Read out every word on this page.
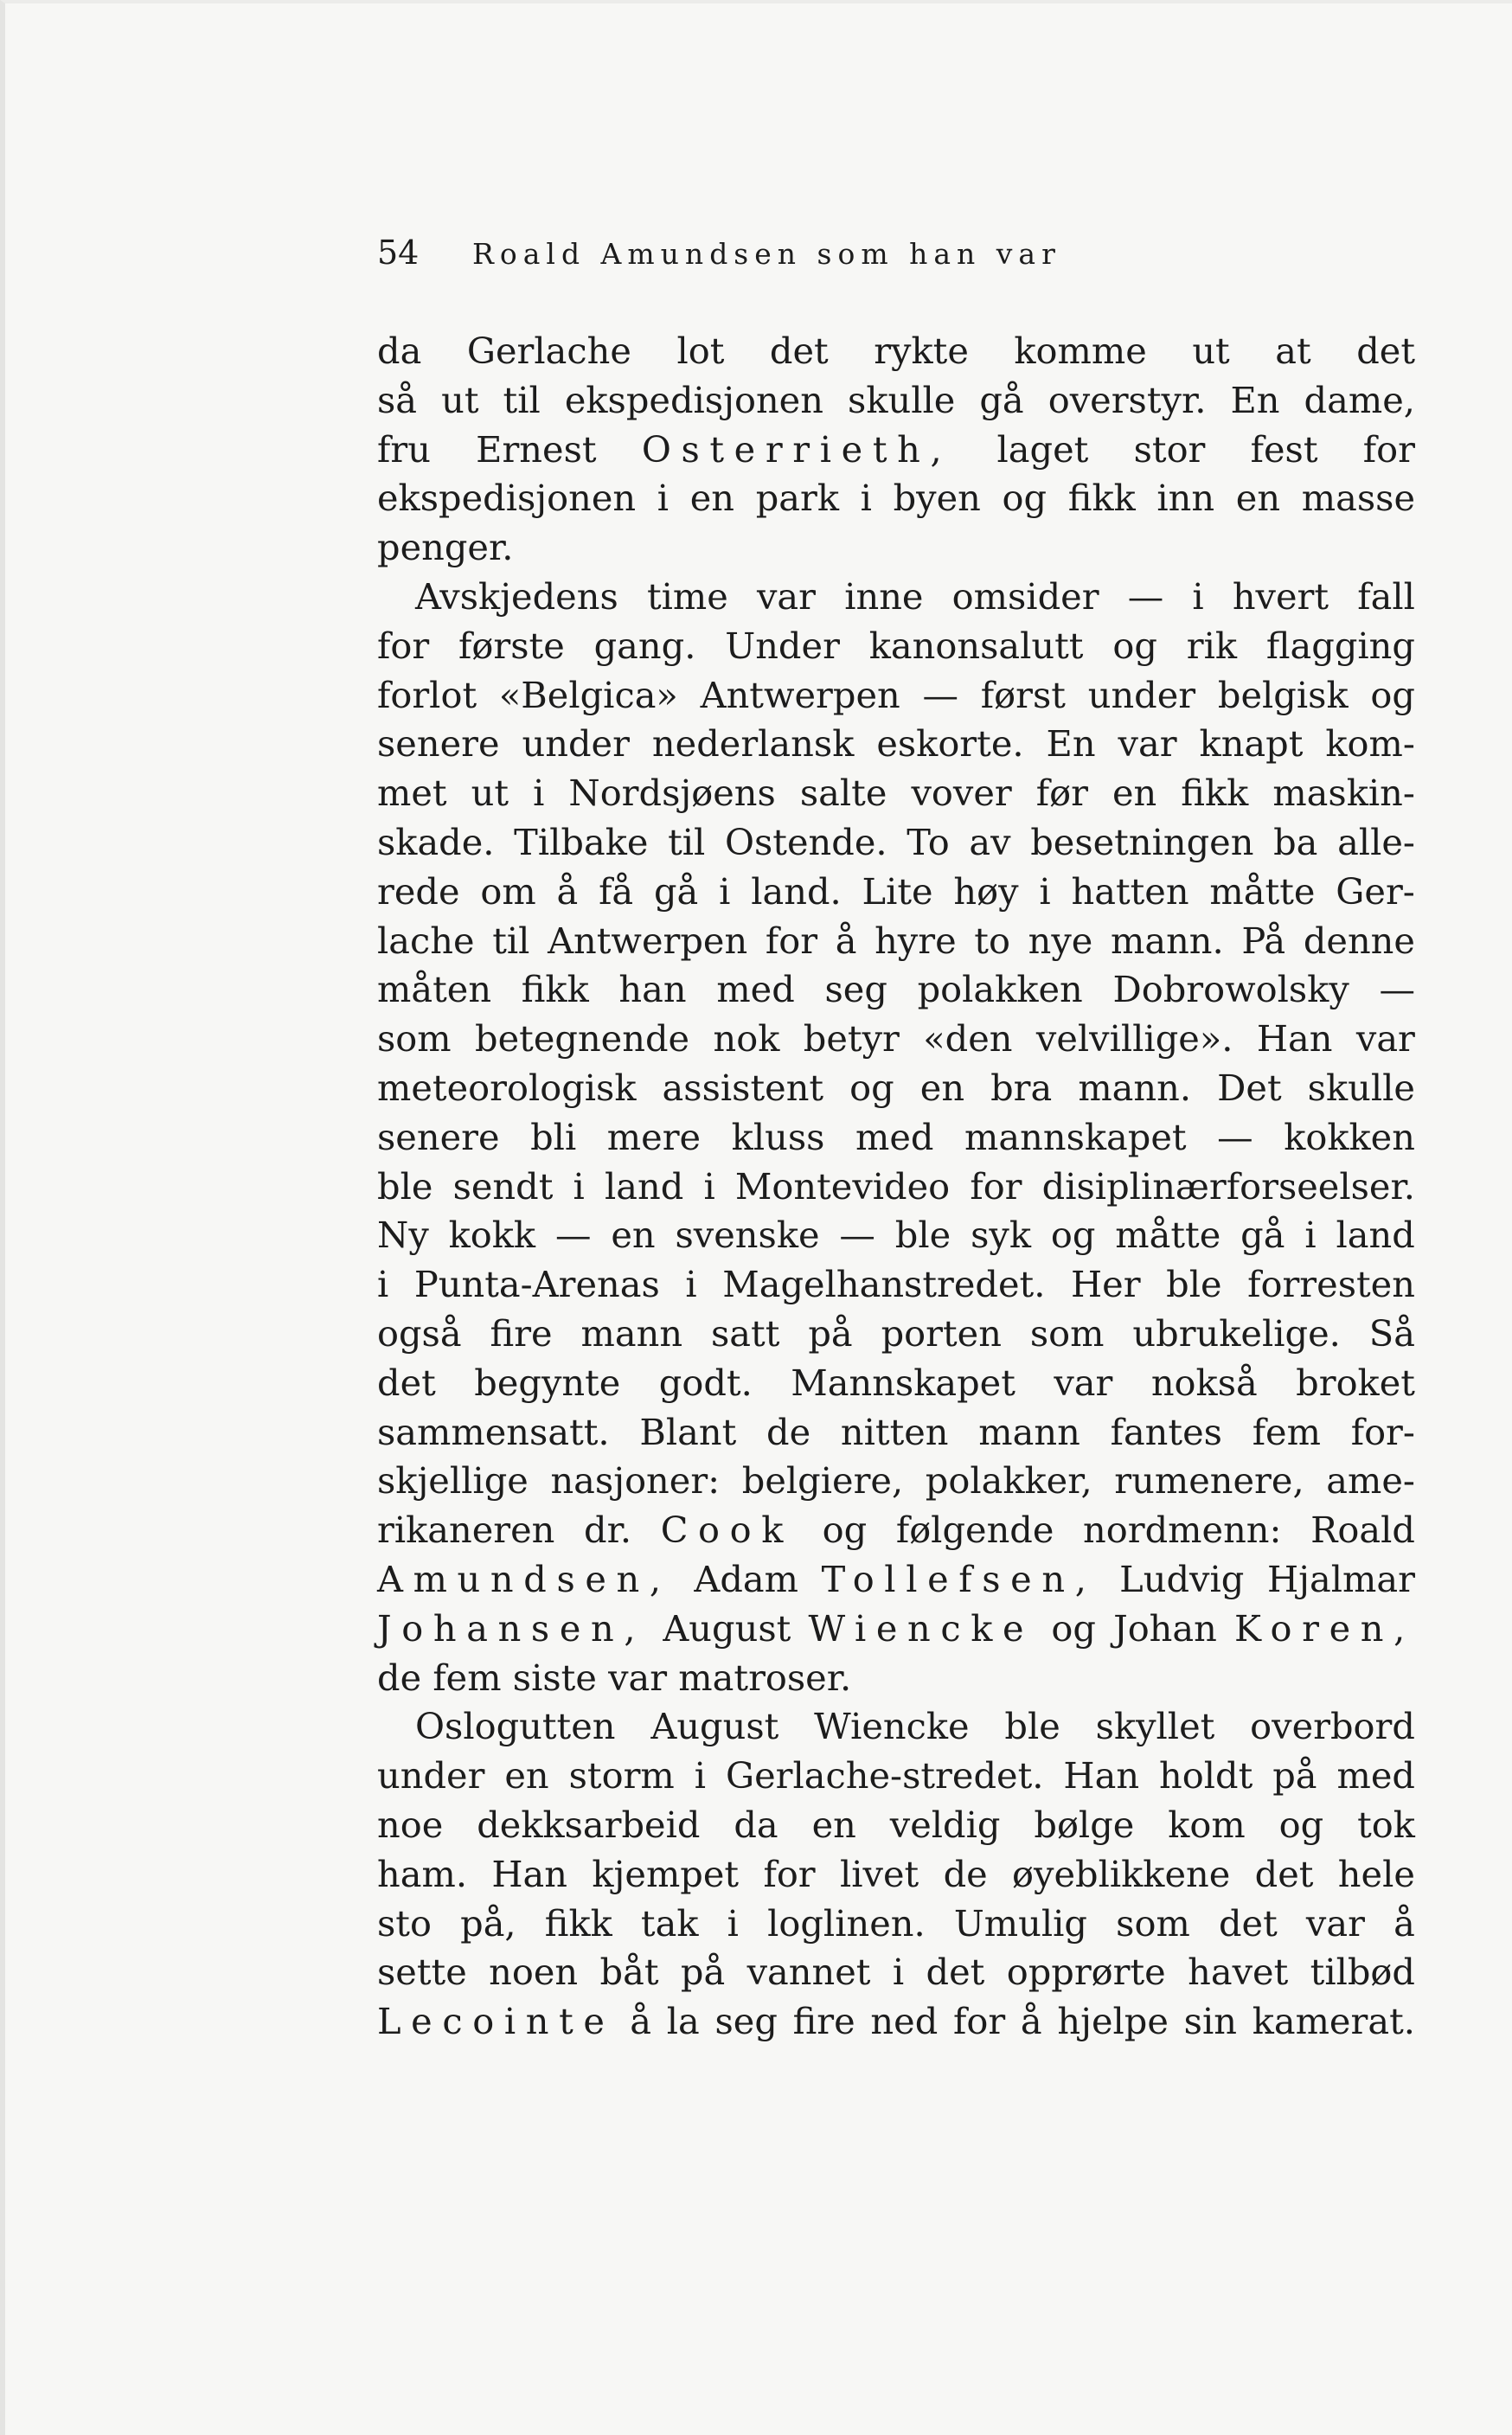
54	Roald Amundsen som han var
da Gerlache lot det rykte komme ut at det
så ut til ekspedisjonen skulle gå overstyr. En dame,
fru Ernest Osterrieth, laget stor fest for
ekspedisjonen i en park i byen og fikk inn en masse
penger.
Avskjedens time var inne omsider — i hvert fall
for første gang. Under kanonsalutt og rik flagging
forlot «Belgica» Antwerpen — først under belgisk og
senere under nederlansk eskorte. En var knapt kom-
met ut i Nordsjøens salte vover før en fikk maskin-
skade. Tilbake til Ostende. To av besetningen ba alle-
rede om å få gå i land. Lite høy i hatten måtte Ger-
lache til Antwerpen for å hyre to nye mann. På denne
måten fikk han med seg polakken Dobrowolsky —
som betegnende nok betyr «den velvillige». Han var
meteorologisk assistent og en bra mann. Det skulle
senere bli mere kluss med mannskapet — kokken
ble sendt i land i Montevideo for disiplinærforseelser.
Ny kokk — en svenske — ble syk og måtte gå i land
i Punta-Arenas i Magelhanstredet. Her ble forresten
også fire mann satt på porten som ubrukelige. Så
det begynte godt. Mannskapet var nokså broket
sammensatt. Blant de nitten mann fantes fem for-
skjellige nasjoner: belgiere, polakker, rumenere, ame-
rikaneren dr. Cook og følgende nordmenn: Roald
Amundsen, Adam Tollefsen, Ludvig Hjalmar
Johansen, August Wiencke og Johan Koren,
de fem siste var matroser.
Oslogutten August Wiencke ble skyllet overbord
under en storm i Gerlache-stredet. Han holdt på med
noe dekksarbeid da en veldig bølge kom og tok
ham. Han kjempet for livet de øyeblikkene det hele
sto på, fikk tak i loglinen. Umulig som det var å
sette noen båt på vannet i det opprørte havet tilbød
Lecointe å la seg fire ned for å hjelpe sin kamerat.
